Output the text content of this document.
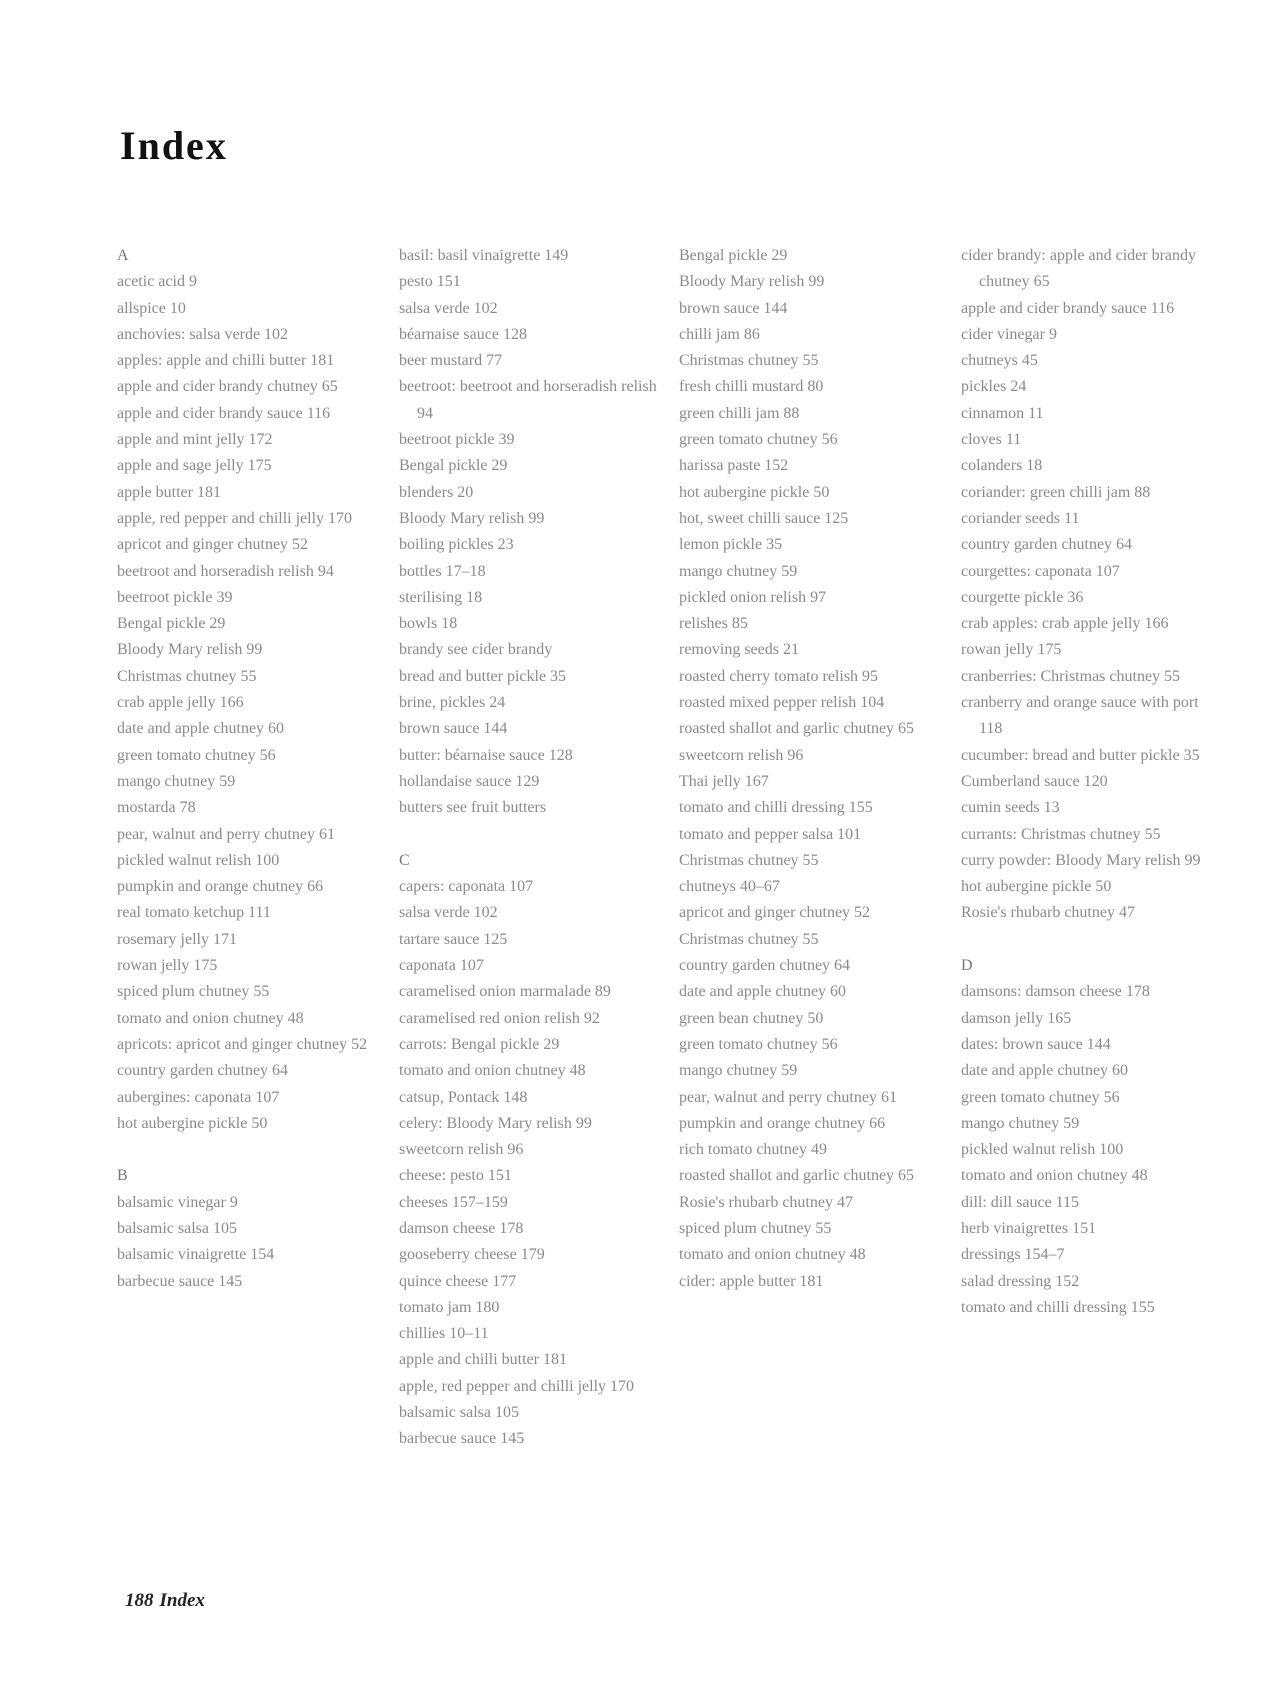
Index
A
acetic acid 9
allspice 10
anchovies: salsa verde 102
apples: apple and chilli butter 181
apple and cider brandy chutney 65
apple and cider brandy sauce 116
apple and mint jelly 172
apple and sage jelly 175
apple butter 181
apple, red pepper and chilli jelly 170
apricot and ginger chutney 52
beetroot and horseradish relish 94
beetroot pickle 39
Bengal pickle 29
Bloody Mary relish 99
Christmas chutney 55
crab apple jelly 166
date and apple chutney 60
green tomato chutney 56
mango chutney 59
mostarda 78
pear, walnut and perry chutney 61
pickled walnut relish 100
pumpkin and orange chutney 66
real tomato ketchup 111
rosemary jelly 171
rowan jelly 175
spiced plum chutney 55
tomato and onion chutney 48
apricots: apricot and ginger chutney 52
country garden chutney 64
aubergines: caponata 107
hot aubergine pickle 50
B
balsamic vinegar 9
balsamic salsa 105
balsamic vinaigrette 154
barbecue sauce 145
basil: basil vinaigrette 149
pesto 151
salsa verde 102
béarnaise sauce 128
beer mustard 77
beetroot: beetroot and horseradish relish 94
beetroot pickle 39
Bengal pickle 29
blenders 20
Bloody Mary relish 99
boiling pickles 23
bottles 17–18
sterilising 18
bowls 18
brandy see cider brandy
bread and butter pickle 35
brine, pickles 24
brown sauce 144
butter: béarnaise sauce 128
hollandaise sauce 129
butters see fruit butters
C
capers: caponata 107
salsa verde 102
tartare sauce 125
caponata 107
caramelised onion marmalade 89
caramelised red onion relish 92
carrots: Bengal pickle 29
tomato and onion chutney 48
catsup, Pontack 148
celery: Bloody Mary relish 99
sweetcorn relish 96
cheese: pesto 151
cheeses 157–159
damson cheese 178
gooseberry cheese 179
quince cheese 177
tomato jam 180
chillies 10–11
apple and chilli butter 181
apple, red pepper and chilli jelly 170
balsamic salsa 105
barbecue sauce 145
Bengal pickle 29
Bloody Mary relish 99
brown sauce 144
chilli jam 86
Christmas chutney 55
fresh chilli mustard 80
green chilli jam 88
green tomato chutney 56
harissa paste 152
hot aubergine pickle 50
hot, sweet chilli sauce 125
lemon pickle 35
mango chutney 59
pickled onion relish 97
relishes 85
removing seeds 21
roasted cherry tomato relish 95
roasted mixed pepper relish 104
roasted shallot and garlic chutney 65
sweetcorn relish 96
Thai jelly 167
tomato and chilli dressing 155
tomato and pepper salsa 101
Christmas chutney 55
chutneys 40–67
apricot and ginger chutney 52
Christmas chutney 55
country garden chutney 64
date and apple chutney 60
green bean chutney 50
green tomato chutney 56
mango chutney 59
pear, walnut and perry chutney 61
pumpkin and orange chutney 66
rich tomato chutney 49
roasted shallot and garlic chutney 65
Rosie's rhubarb chutney 47
spiced plum chutney 55
tomato and onion chutney 48
cider: apple butter 181
cider brandy: apple and cider brandy chutney 65
apple and cider brandy sauce 116
cider vinegar 9
chutneys 45
pickles 24
cinnamon 11
cloves 11
colanders 18
coriander: green chilli jam 88
coriander seeds 11
country garden chutney 64
courgettes: caponata 107
courgette pickle 36
crab apples: crab apple jelly 166
rowan jelly 175
cranberries: Christmas chutney 55
cranberry and orange sauce with port 118
cucumber: bread and butter pickle 35
Cumberland sauce 120
cumin seeds 13
currants: Christmas chutney 55
curry powder: Bloody Mary relish 99
hot aubergine pickle 50
Rosie's rhubarb chutney 47
D
damsons: damson cheese 178
damson jelly 165
dates: brown sauce 144
date and apple chutney 60
green tomato chutney 56
mango chutney 59
pickled walnut relish 100
tomato and onion chutney 48
dill: dill sauce 115
herb vinaigrettes 151
dressings 154–7
salad dressing 152
tomato and chilli dressing 155
188 Index
